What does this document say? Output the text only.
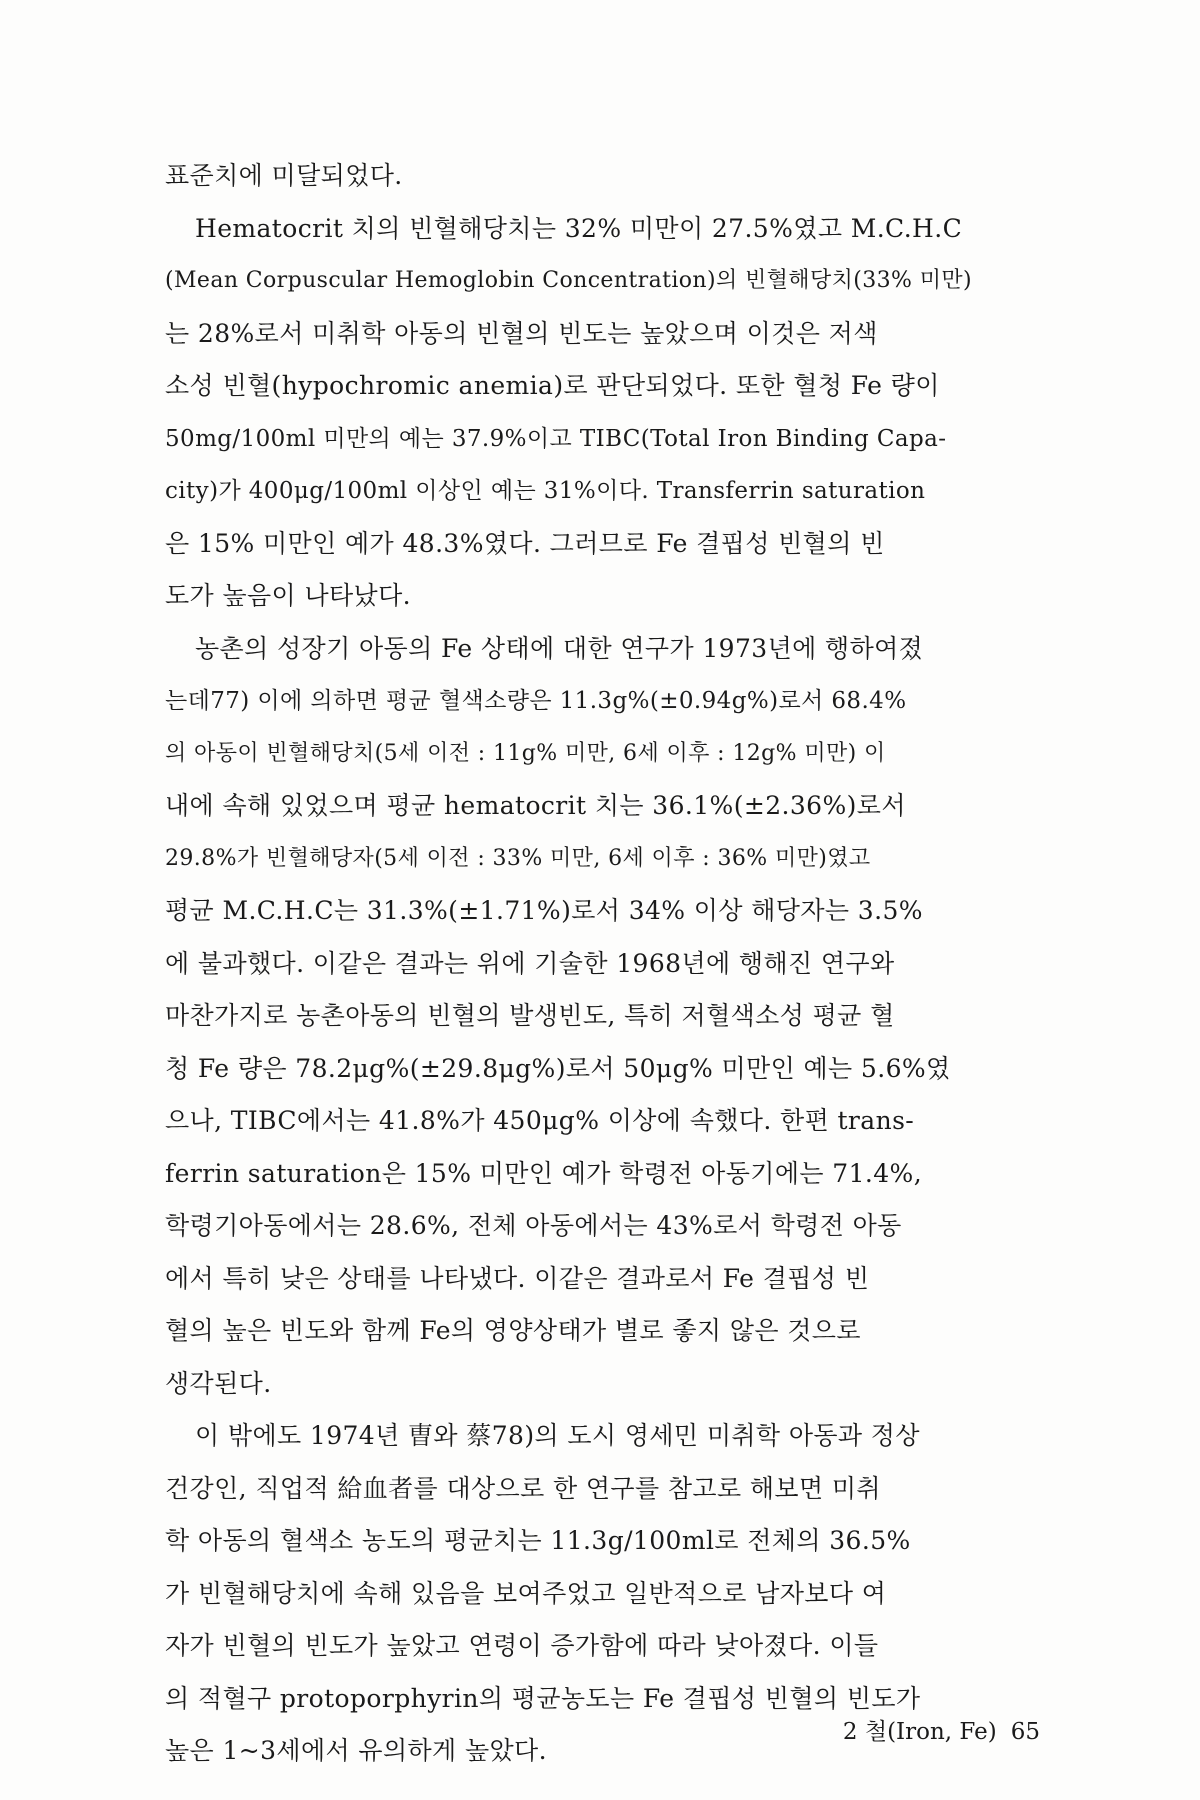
표준치에 미달되었다.
Hematocrit 치의 빈혈해당치는 32% 미만이 27.5%였고 M.C.H.C
(Mean Corpuscular Hemoglobin Concentration)의 빈혈해당치(33% 미만)
는 28%로서 미취학 아동의 빈혈의 빈도는 높았으며 이것은 저색
소성 빈혈(hypochromic anemia)로 판단되었다. 또한 혈청 Fe 량이
50mg/100ml 미만의 예는 37.9%이고 TIBC(Total Iron Binding Capa-
city)가 400μg/100ml 이상인 예는 31%이다. Transferrin saturation
은 15% 미만인 예가 48.3%였다. 그러므로 Fe 결핍성 빈혈의 빈
도가 높음이 나타났다.
농촌의 성장기 아동의 Fe 상태에 대한 연구가 1973년에 행하여졌
는데77) 이에 의하면 평균 혈색소량은 11.3g%(±0.94g%)로서 68.4%
의 아동이 빈혈해당치(5세 이전 : 11g% 미만, 6세 이후 : 12g% 미만) 이
내에 속해 있었으며 평균 hematocrit 치는 36.1%(±2.36%)로서
29.8%가 빈혈해당자(5세 이전 : 33% 미만, 6세 이후 : 36% 미만)였고
평균 M.C.H.C는 31.3%(±1.71%)로서 34% 이상 해당자는 3.5%
에 불과했다. 이같은 결과는 위에 기술한 1968년에 행해진 연구와
마찬가지로 농촌아동의 빈혈의 발생빈도, 특히 저혈색소성 평균 혈
청 Fe 량은 78.2μg%(±29.8μg%)로서 50μg% 미만인 예는 5.6%였
으나, TIBC에서는 41.8%가 450μg% 이상에 속했다. 한편 trans-
ferrin saturation은 15% 미만인 예가 학령전 아동기에는 71.4%,
학령기아동에서는 28.6%, 전체 아동에서는 43%로서 학령전 아동
에서 특히 낮은 상태를 나타냈다. 이같은 결과로서 Fe 결핍성 빈
혈의 높은 빈도와 함께 Fe의 영양상태가 별로 좋지 않은 것으로
생각된다.
이 밖에도 1974년 曺와 蔡78)의 도시 영세민 미취학 아동과 정상
건강인, 직업적 給血者를 대상으로 한 연구를 참고로 해보면 미취
학 아동의 혈색소 농도의 평균치는 11.3g/100ml로 전체의 36.5%
가 빈혈해당치에 속해 있음을 보여주었고 일반적으로 남자보다 여
자가 빈혈의 빈도가 높았고 연령이 증가함에 따라 낮아졌다. 이들
의 적혈구 protoporphyrin의 평균농도는 Fe 결핍성 빈혈의 빈도가
높은 1~3세에서 유의하게 높았다.
2 철(Iron, Fe) 65
